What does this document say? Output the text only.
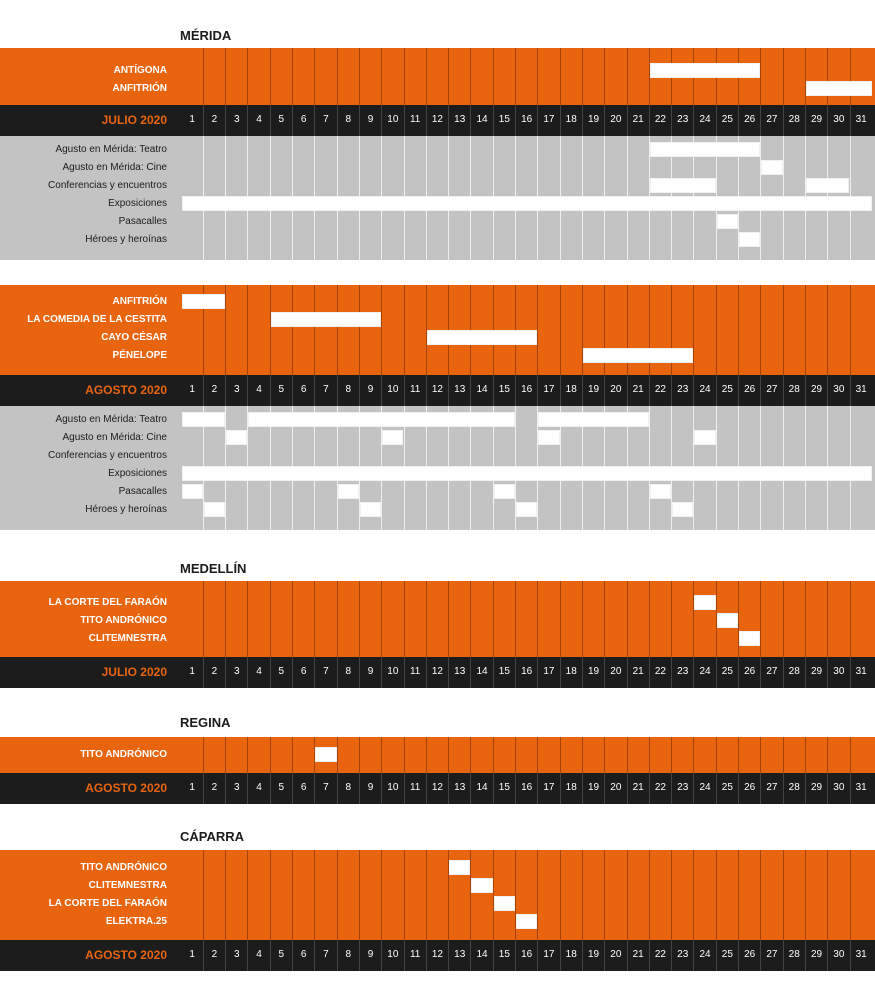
MÉRIDA
ANTÍGONA
ANFITRIÓN
JULIO 2020	1	2	3	4	5	6	7	8	9	10	11	12	13	14	15	16	17	18	19	20	21	22	23	24	25	26	27	28	29	30	31
Agusto en Mérida: Teatro
Agusto en Mérida: Cine
Conferencias y encuentros
Exposiciones
Pasacalles
Héroes y heroínas
ANFITRIÓN
LA COMEDIA DE LA CESTITA
CAYO CÉSAR
PÉNELOPE
AGOSTO 2020	1	2	3	4	5	6	7	8	9	10	11	12	13	14	15	16	17	18	19	20	21	22	23	24	25	26	27	28	29	30	31
Agusto en Mérida: Teatro
Agusto en Mérida: Cine
Conferencias y encuentros
Exposiciones
Pasacalles
Héroes y heroínas
MEDELLÍN
LA CORTE DEL FARAÓN
TITO ANDRÓNICO
CLITEMNESTRA
JULIO 2020	1	2	3	4	5	6	7	8	9	10	11	12	13	14	15	16	17	18	19	20	21	22	23	24	25	26	27	28	29	30	31
REGINA
TITO ANDRÓNICO
AGOSTO 2020	1	2	3	4	5	6	7	8	9	10	11	12	13	14	15	16	17	18	19	20	21	22	23	24	25	26	27	28	29	30	31
CÁPARRA
TITO ANDRÓNICO
CLITEMNESTRA
LA CORTE DEL FARAÓN
ELEKTRA.25
AGOSTO 2020	1	2	3	4	5	6	7	8	9	10	11	12	13	14	15	16	17	18	19	20	21	22	23	24	25	26	27	28	29	30	31
